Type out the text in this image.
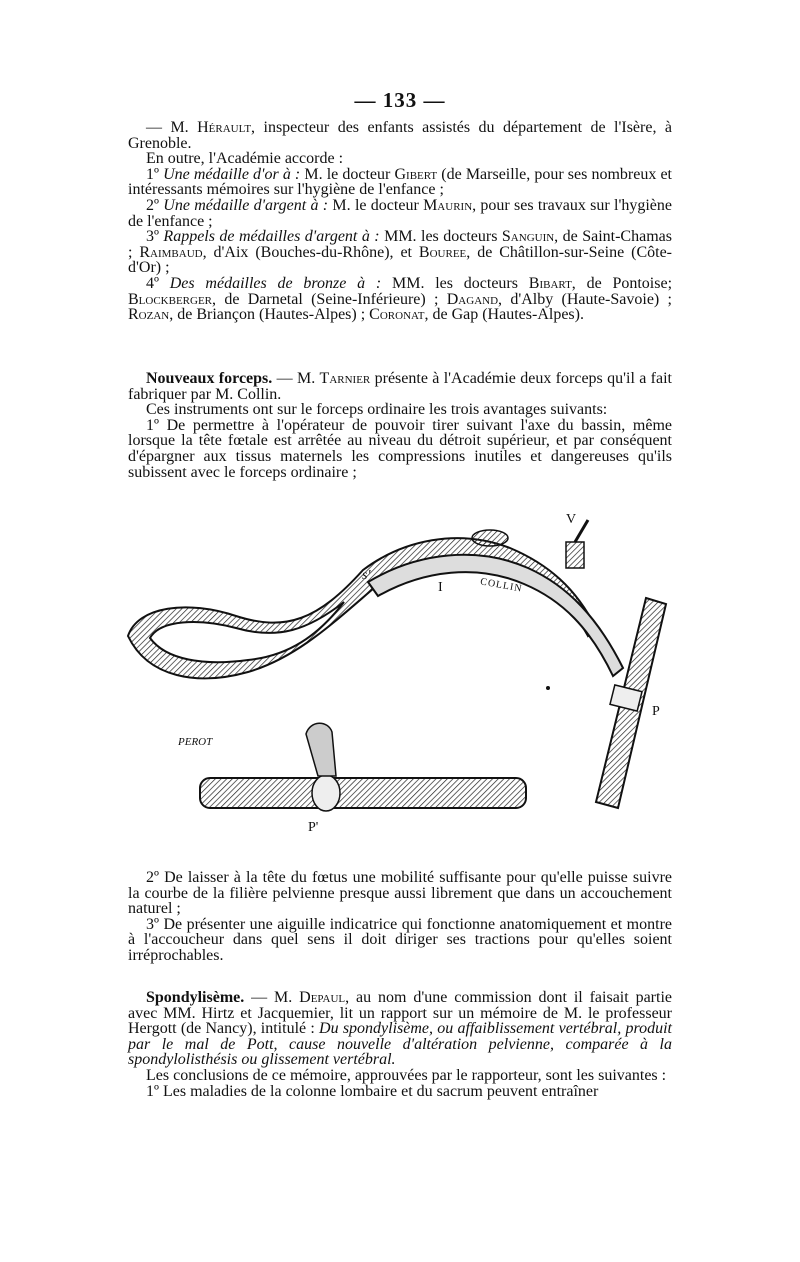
— 133 —

— M. Hérault, inspecteur des enfants assistés du département de l'Isère, à Grenoble.

En outre, l'Académie accorde :

1º Une médaille d'or à : M. le docteur Gibert (de Marseille, pour ses nombreux et intéressants mémoires sur l'hygiène de l'enfance ;

2º Une médaille d'argent à : M. le docteur Maurin, pour ses travaux sur l'hygiène de l'enfance ;

3º Rappels de médailles d'argent à : MM. les docteurs Sanguin, de Saint-Chamas ; Raimbaud, d'Aix (Bouches-du-Rhône), et Bouree, de Châtillon-sur-Seine (Côte-d'Or) ;

4º Des médailles de bronze à : MM. les docteurs Bibart, de Pontoise; Blockberger, de Darnetal (Seine-Inférieure) ; Dagand, d'Alby (Haute-Savoie) ; Rozan, de Briançon (Hautes-Alpes) ; Coronat, de Gap (Hautes-Alpes).

Nouveaux forceps. — M. Tarnier présente à l'Académie deux forceps qu'il a fait fabriquer par M. Collin.

Ces instruments ont sur le forceps ordinaire les trois avantages suivants:

1º De permettre à l'opérateur de pouvoir tirer suivant l'axe du bassin, même lorsque la tête fœtale est arrêtée au niveau du détroit supérieur, et par conséquent d'épargner aux tissus maternels les compressions inutiles et dangereuses qu'ils subissent avec le forceps ordinaire ;

V
s'
I	COLLIN
P
P'
PEROT

2º De laisser à la tête du fœtus une mobilité suffisante pour qu'elle puisse suivre la courbe de la filière pelvienne presque aussi librement que dans un accouchement naturel ;

3º De présenter une aiguille indicatrice qui fonctionne anatomiquement et montre à l'accoucheur dans quel sens il doit diriger ses tractions pour qu'elles soient irréprochables.

Spondylisème. — M. Depaul, au nom d'une commission dont il faisait partie avec MM. Hirtz et Jacquemier, lit un rapport sur un mémoire de M. le professeur Hergott (de Nancy), intitulé : Du spondylisème, ou affaiblissement vertébral, produit par le mal de Pott, cause nouvelle d'altération pelvienne, comparée à la spondylolisthésis ou glissement vertébral.

Les conclusions de ce mémoire, approuvées par le rapporteur, sont les suivantes :

1º Les maladies de la colonne lombaire et du sacrum peuvent entraîner
